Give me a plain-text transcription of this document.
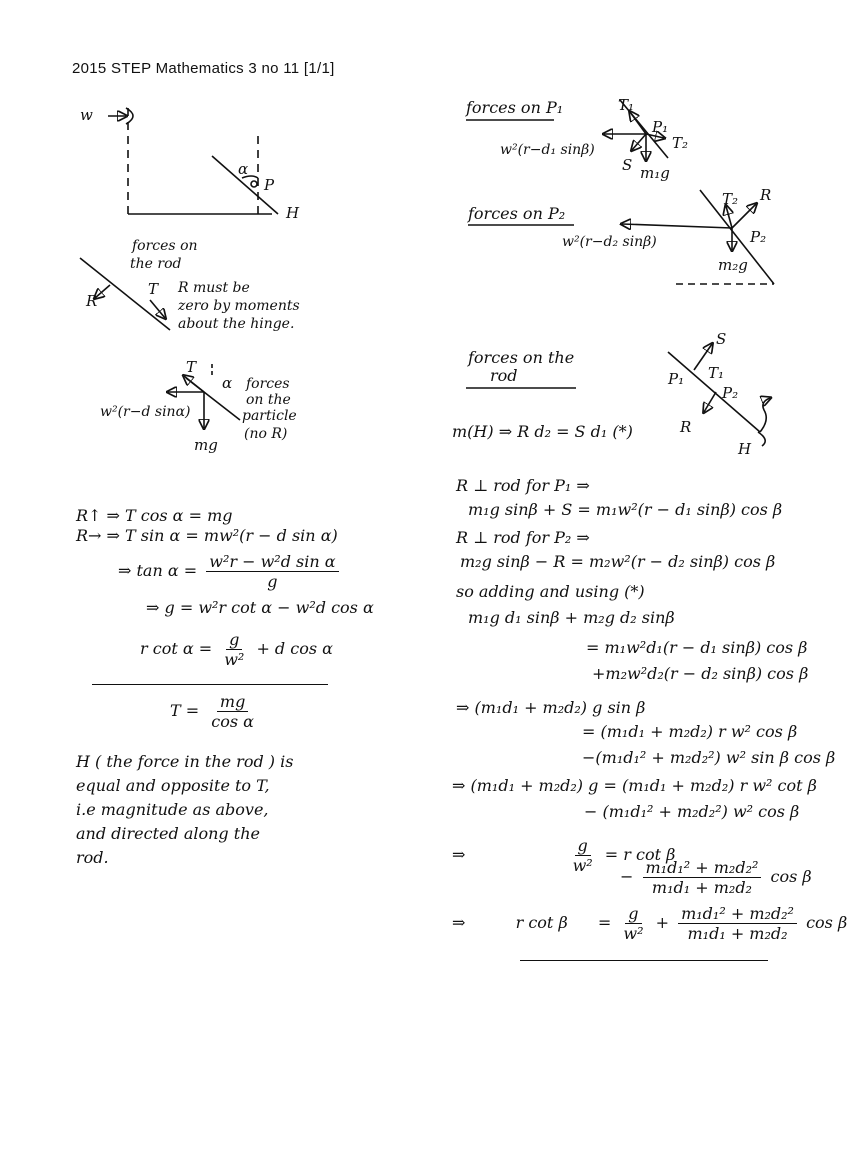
2015 STEP Mathematics 3 no 11 [1/1]
w
α
P
H
forces on
the rod
R
T R must be
zero by moments
about the hinge.
T
α
w²(r−d sinα)
mg
forces
on the
particle
(no R)
R↑ ⇒ T cos α = mg
R→ ⇒ T sin α = mw²(r − d sin α)
⇒ $\tan \alpha = \frac{\text{w²r − w²d sin α}}{g}$
⇒ g = w²r cot α − w²d cos α
r $\cot \alpha = \frac{g}{\text{w²}} + d$ cos α
$T = \frac{mg}{\text{cos α}}$
H ( the force in the rod ) is
equal and opposite to T,
i.e magnitude as above,
and directed along the
rod.
forces on P₁	T₁
P₁
T₂
S m₁g
w²(r−d₁ sinβ)
forces on P₂
T₂ R
P₂
m₂g
w²(r−d₂ sinβ)
forces on the
rod
S
P₁ T₁
P₂
R
H
m(H) ⇒ R d₂ = S d₁ (*)
R ⊥ rod for P₁ ⇒
m₁g sinβ + S = m₁w²(r − d₁ sinβ) cos β
R ⊥ rod for P₂ ⇒
m₂g sinβ − R = m₂w²(r − d₂ sinβ) cos β
so adding and using (*)
m₁g d₁ sinβ + m₂g d₂ sinβ
= m₁w²d₁(r − d₁ sinβ) cos β
+m₂w²d₂(r − d₂ sinβ) cos β
⇒ (m₁d₁ + m₂d₂) g sin β
= (m₁d₁ + m₂d₂) r w² cos β
−(m₁d₁² + m₂d₂²) w² sin β cos β
⇒ (m₁d₁ + m₂d₂) g = (m₁d₁ + m₂d₂) r w² cot β
− (m₁d₁² + m₂d₂²) w² cos β
⇒	$\frac{g}{\text{w²}} = r$ cot β
− $\frac{\text{m₁d₁² + m₂d₂²}}{\text{m₁d₁ + m₂d₂}}$ cos β
⇒	r $\cot \beta = \frac{g}{\text{w²}} + \frac{\text{m₁d₁² + m₂d₂²}}{\text{m₁d₁ + m₂d₂}}$ cos β
